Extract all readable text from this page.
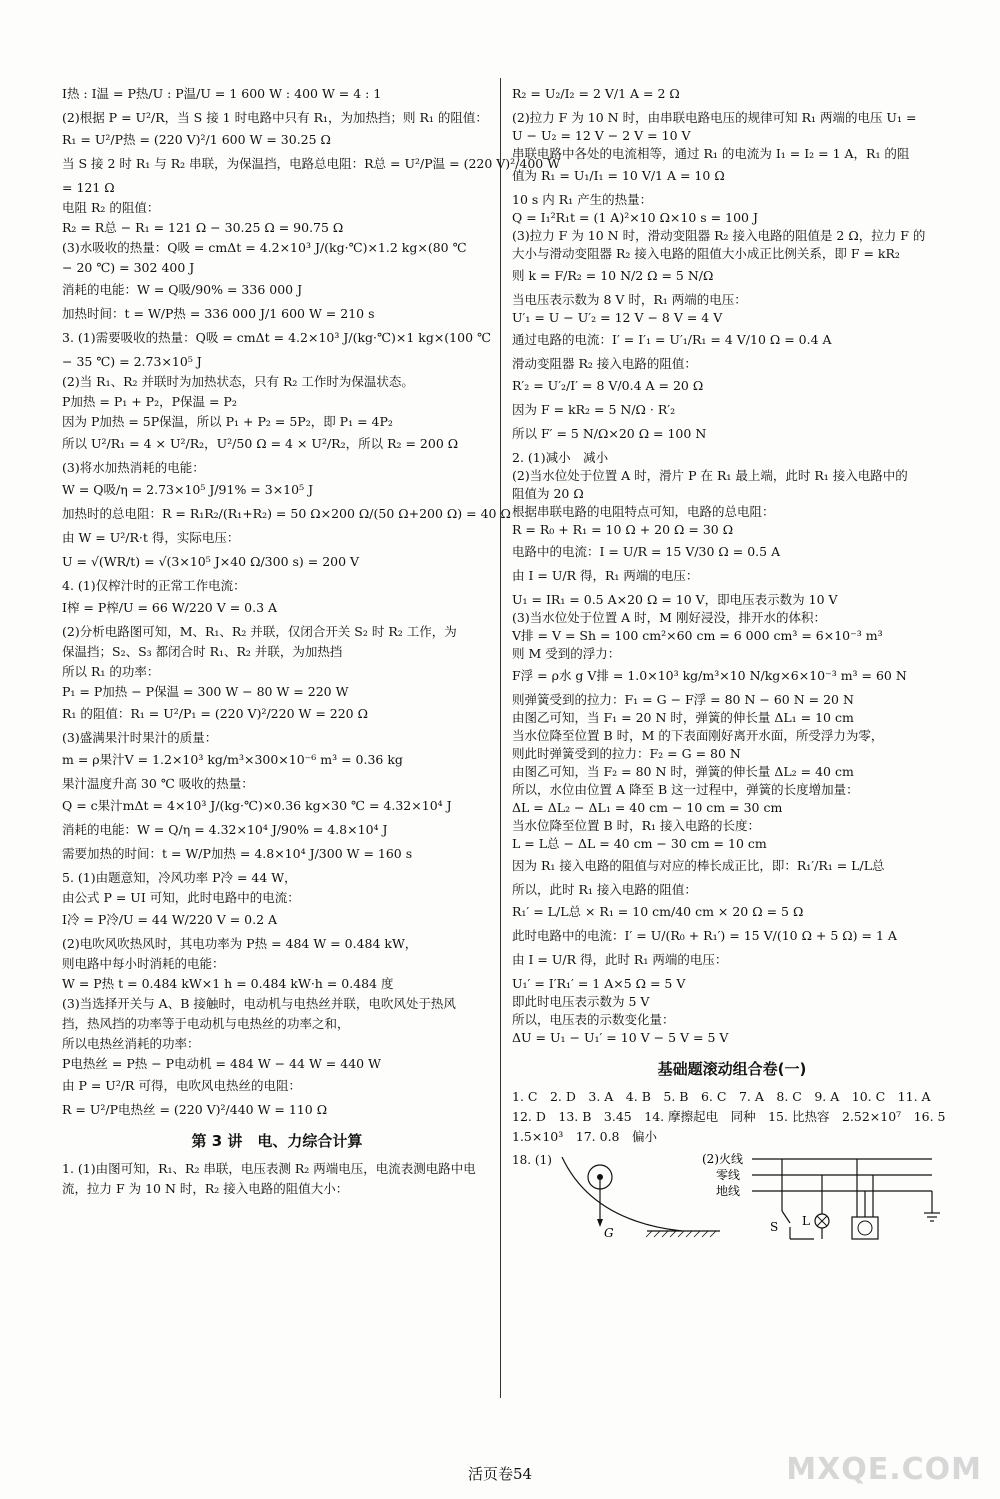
I热 : I温 = P热/U : P温/U = 1 600 W : 400 W = 4 : 1
(2)根据 P = U²/R，当 S 接 1 时电路中只有 R₁，为加热挡；则 R₁ 的阻值：
R₁ = U²/P热 = (220 V)²/1 600 W = 30.25 Ω
当 S 接 2 时 R₁ 与 R₂ 串联，为保温挡，电路总电阻：R总 = U²/P温 = (220 V)²/400 W
= 121 Ω
电阻 R₂ 的阻值：
R₂ = R总 − R₁ = 121 Ω − 30.25 Ω = 90.75 Ω
(3)水吸收的热量：Q吸 = cmΔt = 4.2×10³ J/(kg·℃)×1.2 kg×(80 ℃
− 20 ℃) = 302 400 J
消耗的电能：W = Q吸/90% = 336 000 J
加热时间：t = W/P热 = 336 000 J/1 600 W = 210 s
3. (1)需要吸收的热量：Q吸 = cmΔt = 4.2×10³ J/(kg·℃)×1 kg×(100 ℃
− 35 ℃) = 2.73×10⁵ J
(2)当 R₁、R₂ 并联时为加热状态，只有 R₂ 工作时为保温状态。
P加热 = P₁ + P₂，P保温 = P₂
因为 P加热 = 5P保温，所以 P₁ + P₂ = 5P₂，即 P₁ = 4P₂
所以 U²/R₁ = 4 × U²/R₂，U²/50 Ω = 4 × U²/R₂，所以 R₂ = 200 Ω
(3)将水加热消耗的电能：
W = Q吸/η = 2.73×10⁵ J/91% = 3×10⁵ J
加热时的总电阻：R = R₁R₂/(R₁+R₂) = 50 Ω×200 Ω/(50 Ω+200 Ω) = 40 Ω
由 W = U²/R·t 得，实际电压：
U = √(WR/t) = √(3×10⁵ J×40 Ω/300 s) = 200 V
4. (1)仅榨汁时的正常工作电流：
I榨 = P榨/U = 66 W/220 V = 0.3 A
(2)分析电路图可知，M、R₁、R₂ 并联，仅闭合开关 S₂ 时 R₂ 工作，为
保温挡；S₂、S₃ 都闭合时 R₁、R₂ 并联，为加热挡
所以 R₁ 的功率：
P₁ = P加热 − P保温 = 300 W − 80 W = 220 W
R₁ 的阻值：R₁ = U²/P₁ = (220 V)²/220 W = 220 Ω
(3)盛满果汁时果汁的质量：
m = ρ果汁V = 1.2×10³ kg/m³×300×10⁻⁶ m³ = 0.36 kg
果汁温度升高 30 ℃ 吸收的热量：
Q = c果汁mΔt = 4×10³ J/(kg·℃)×0.36 kg×30 ℃ = 4.32×10⁴ J
消耗的电能：W = Q/η = 4.32×10⁴ J/90% = 4.8×10⁴ J
需要加热的时间：t = W/P加热 = 4.8×10⁴ J/300 W = 160 s
5. (1)由题意知，冷风功率 P冷 = 44 W，
由公式 P = UI 可知，此时电路中的电流：
I冷 = P冷/U = 44 W/220 V = 0.2 A
(2)电吹风吹热风时，其电功率为 P热 = 484 W = 0.484 kW，
则电路中每小时消耗的电能：
W = P热 t = 0.484 kW×1 h = 0.484 kW·h = 0.484 度
(3)当选择开关与 A、B 接触时，电动机与电热丝并联，电吹风处于热风
挡，热风挡的功率等于电动机与电热丝的功率之和，
所以电热丝消耗的功率：
P电热丝 = P热 − P电动机 = 484 W − 44 W = 440 W
由 P = U²/R 可得，电吹风电热丝的电阻：
R = U²/P电热丝 = (220 V)²/440 W = 110 Ω
第 3 讲　电、力综合计算
1. (1)由图可知，R₁、R₂ 串联，电压表测 R₂ 两端电压，电流表测电路中电
流，拉力 F 为 10 N 时，R₂ 接入电路的阻值大小：
R₂ = U₂/I₂ = 2 V/1 A = 2 Ω
(2)拉力 F 为 10 N 时，由串联电路电压的规律可知 R₁ 两端的电压 U₁ =
U − U₂ = 12 V − 2 V = 10 V
串联电路中各处的电流相等，通过 R₁ 的电流为 I₁ = I₂ = 1 A，R₁ 的阻
值为 R₁ = U₁/I₁ = 10 V/1 A = 10 Ω
10 s 内 R₁ 产生的热量：
Q = I₁²R₁t = (1 A)²×10 Ω×10 s = 100 J
(3)拉力 F 为 10 N 时，滑动变阻器 R₂ 接入电路的阻值是 2 Ω，拉力 F 的
大小与滑动变阻器 R₂ 接入电路的阻值大小成正比例关系，即 F = kR₂
则 k = F/R₂ = 10 N/2 Ω = 5 N/Ω
当电压表示数为 8 V 时，R₁ 两端的电压：
U′₁ = U − U′₂ = 12 V − 8 V = 4 V
通过电路的电流：I′ = I′₁ = U′₁/R₁ = 4 V/10 Ω = 0.4 A
滑动变阻器 R₂ 接入电路的阻值：
R′₂ = U′₂/I′ = 8 V/0.4 A = 20 Ω
因为 F = kR₂ = 5 N/Ω · R′₂
所以 F′ = 5 N/Ω×20 Ω = 100 N
2. (1)减小　减小
(2)当水位处于位置 A 时，滑片 P 在 R₁ 最上端，此时 R₁ 接入电路中的
阻值为 20 Ω
根据串联电路的电阻特点可知，电路的总电阻：
R = R₀ + R₁ = 10 Ω + 20 Ω = 30 Ω
电路中的电流：I = U/R = 15 V/30 Ω = 0.5 A
由 I = U/R 得，R₁ 两端的电压：
U₁ = IR₁ = 0.5 A×20 Ω = 10 V，即电压表示数为 10 V
(3)当水位处于位置 A 时，M 刚好浸没，排开水的体积：
V排 = V = Sh = 100 cm²×60 cm = 6 000 cm³ = 6×10⁻³ m³
则 M 受到的浮力：
F浮 = ρ水 g V排 = 1.0×10³ kg/m³×10 N/kg×6×10⁻³ m³ = 60 N
则弹簧受到的拉力：F₁ = G − F浮 = 80 N − 60 N = 20 N
由图乙可知，当 F₁ = 20 N 时，弹簧的伸长量 ΔL₁ = 10 cm
当水位降至位置 B 时，M 的下表面刚好离开水面，所受浮力为零，
则此时弹簧受到的拉力：F₂ = G = 80 N
由图乙可知，当 F₂ = 80 N 时，弹簧的伸长量 ΔL₂ = 40 cm
所以，水位由位置 A 降至 B 这一过程中，弹簧的长度增加量：
ΔL = ΔL₂ − ΔL₁ = 40 cm − 10 cm = 30 cm
当水位降至位置 B 时，R₁ 接入电路的长度：
L = L总 − ΔL = 40 cm − 30 cm = 10 cm
因为 R₁ 接入电路的阻值与对应的棒长成正比，即：R₁′/R₁ = L/L总
所以，此时 R₁ 接入电路的阻值：
R₁′ = L/L总 × R₁ = 10 cm/40 cm × 20 Ω = 5 Ω
此时电路中的电流：I′ = U/(R₀ + R₁′) = 15 V/(10 Ω + 5 Ω) = 1 A
由 I = U/R 得，此时 R₁ 两端的电压：
U₁′ = I′R₁′ = 1 A×5 Ω = 5 V
即此时电压表示数为 5 V
所以，电压表的示数变化量：
ΔU = U₁ − U₁′ = 10 V − 5 V = 5 V
基础题滚动组合卷(一)
1. C　2. D　3. A　4. B　5. B　6. C　7. A　8. C　9. A　10. C　11. A
12. D　13. B　3.45　14. 摩擦起电　同种　15. 比热容　2.52×10⁷　16. 5
1.5×10³　17. 0.8　偏小
18. (1)
G
(2)火线
零线
地线
S L
活页卷54	MXQE.COM
